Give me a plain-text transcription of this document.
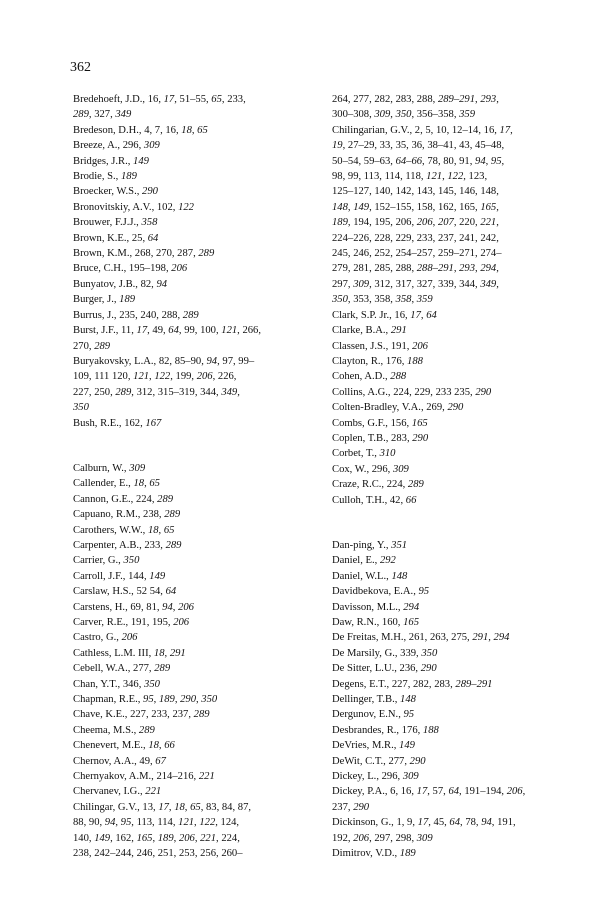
362
Bredehoeft, J.D., 16, 17, 51–55, 65, 233,
289, 327, 349
Bredeson, D.H., 4, 7, 16, 18, 65
Breeze, A., 296, 309
Bridges, J.R., 149
Brodie, S., 189
Broecker, W.S., 290
Bronovitskiy, A.V., 102, 122
Brouwer, F.J.J., 358
Brown, K.E., 25, 64
Brown, K.M., 268, 270, 287, 289
Bruce, C.H., 195–198, 206
Bunyatov, J.B., 82, 94
Burger, J., 189
Burrus, J., 235, 240, 288, 289
Burst, J.F., 11, 17, 49, 64, 99, 100, 121, 266,
270, 289
Buryakovsky, L.A., 82, 85–90, 94, 97, 99–
109, 111 120, 121, 122, 199, 206, 226,
227, 250, 289, 312, 315–319, 344, 349,
350
Bush, R.E., 162, 167
Calburn, W., 309
Callender, E., 18, 65
Cannon, G.E., 224, 289
Capuano, R.M., 238, 289
Carothers, W.W., 18, 65
Carpenter, A.B., 233, 289
Carrier, G., 350
Carroll, J.F., 144, 149
Carslaw, H.S., 52 54, 64
Carstens, H., 69, 81, 94, 206
Carver, R.E., 191, 195, 206
Castro, G., 206
Cathless, L.M. III, 18, 291
Cebell, W.A., 277, 289
Chan, Y.T., 346, 350
Chapman, R.E., 95, 189, 290, 350
Chave, K.E., 227, 233, 237, 289
Cheema, M.S., 289
Chenevert, M.E., 18, 66
Chernov, A.A., 49, 67
Chernyakov, A.M., 214–216, 221
Chervanev, I.G., 221
Chilingar, G.V., 13, 17, 18, 65, 83, 84, 87,
88, 90, 94, 95, 113, 114, 121, 122, 124,
140, 149, 162, 165, 189, 206, 221, 224,
238, 242–244, 246, 251, 253, 256, 260–
264, 277, 282, 283, 288, 289–291, 293,
300–308, 309, 350, 356–358, 359
Chilingarian, G.V., 2, 5, 10, 12–14, 16, 17,
19, 27–29, 33, 35, 36, 38–41, 43, 45–48,
50–54, 59–63, 64–66, 78, 80, 91, 94, 95,
98, 99, 113, 114, 118, 121, 122, 123,
125–127, 140, 142, 143, 145, 146, 148,
148, 149, 152–155, 158, 162, 165, 165,
189, 194, 195, 206, 206, 207, 220, 221,
224–226, 228, 229, 233, 237, 241, 242,
245, 246, 252, 254–257, 259–271, 274–
279, 281, 285, 288, 288–291, 293, 294,
297, 309, 312, 317, 327, 339, 344, 349,
350, 353, 358, 358, 359
Clark, S.P. Jr., 16, 17, 64
Clarke, B.A., 291
Classen, J.S., 191, 206
Clayton, R., 176, 188
Cohen, A.D., 288
Collins, A.G., 224, 229, 233 235, 290
Colten-Bradley, V.A., 269, 290
Combs, G.F., 156, 165
Coplen, T.B., 283, 290
Corbet, T., 310
Cox, W., 296, 309
Craze, R.C., 224, 289
Culloh, T.H., 42, 66
Dan-ping, Y., 351
Daniel, E., 292
Daniel, W.L., 148
Davidbekova, E.A., 95
Davisson, M.L., 294
Daw, R.N., 160, 165
De Freitas, M.H., 261, 263, 275, 291, 294
De Marsily, G., 339, 350
De Sitter, L.U., 236, 290
Degens, E.T., 227, 282, 283, 289–291
Dellinger, T.B., 148
Dergunov, E.N., 95
Desbrandes, R., 176, 188
DeVries, M.R., 149
DeWit, C.T., 277, 290
Dickey, L., 296, 309
Dickey, P.A., 6, 16, 17, 57, 64, 191–194, 206,
237, 290
Dickinson, G., 1, 9, 17, 45, 64, 78, 94, 191,
192, 206, 297, 298, 309
Dimitrov, V.D., 189
